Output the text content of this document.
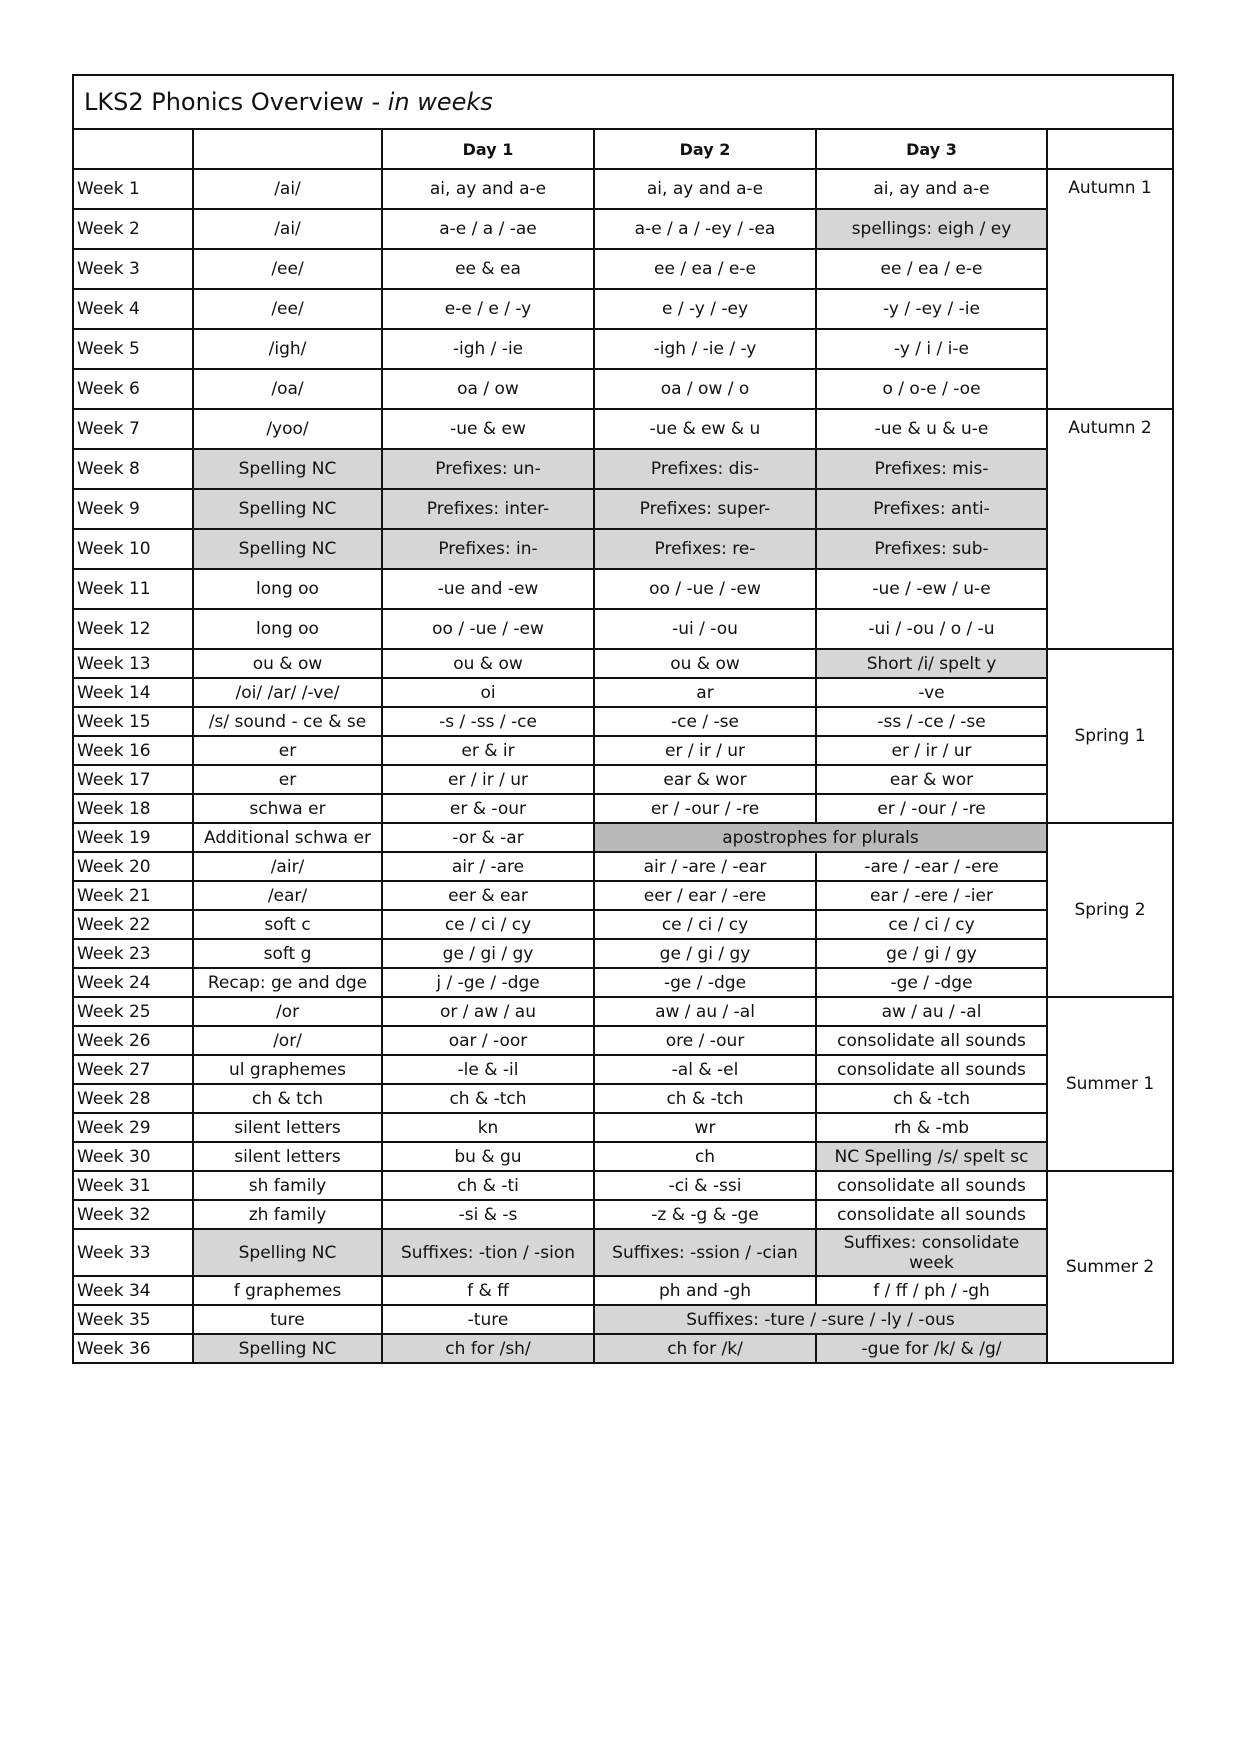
LKS2 Phonics Overview - in weeks					
		Day 1	Day 2	Day 3	
Week 1	/ai/	ai, ay and a-e	ai, ay and a-e	ai, ay and a-e	Autumn 1
Week 2	/ai/	a-e / a / -ae	a-e / a / -ey / -ea	spellings: eigh / ey	
Week 3	/ee/	ee & ea	ee / ea / e-e	ee / ea / e-e	
Week 4	/ee/	e-e / e / -y	e / -y / -ey	-y / -ey / -ie	
Week 5	/igh/	-igh / -ie	-igh / -ie / -y	-y / i / i-e	
Week 6	/oa/	oa / ow	oa / ow / o	o / o-e / -oe	
Week 7	/yoo/	-ue & ew	-ue & ew & u	-ue & u & u-e	Autumn 2
Week 8	Spelling NC	Prefixes: un-	Prefixes: dis-	Prefixes: mis-	
Week 9	Spelling NC	Prefixes: inter-	Prefixes: super-	Prefixes: anti-	
Week 10	Spelling NC	Prefixes: in-	Prefixes: re-	Prefixes: sub-	
Week 11	long oo	-ue and -ew	oo / -ue / -ew	-ue / -ew / u-e	
Week 12	long oo	oo / -ue / -ew	-ui / -ou	-ui / -ou / o / -u	
Week 13	ou & ow	ou & ow	ou & ow	Short /i/ spelt y	Spring 1
Week 14	/oi/ /ar/ /-ve/	oi	ar	-ve	
Week 15	/s/ sound - ce & se	-s / -ss / -ce	-ce / -se	-ss / -ce / -se	
Week 16	er	er & ir	er / ir / ur	er / ir / ur	
Week 17	er	er / ir / ur	ear & wor	ear & wor	
Week 18	schwa er	er & -our	er / -our / -re	er / -our / -re	
Week 19	Additional schwa er	-or & -ar	apostrophes for plurals		Spring 2
Week 20	/air/	air / -are	air / -are / -ear	-are / -ear / -ere	
Week 21	/ear/	eer & ear	eer / ear / -ere	ear / -ere / -ier	
Week 22	soft c	ce / ci / cy	ce / ci / cy	ce / ci / cy	
Week 23	soft g	ge / gi / gy	ge / gi / gy	ge / gi / gy	
Week 24	Recap: ge and dge	j / -ge / -dge	-ge / -dge	-ge / -dge	
Week 25	/or	or / aw / au	aw / au / -al	aw / au / -al	Summer 1
Week 26	/or/	oar / -oor	ore / -our	consolidate all sounds	
Week 27	ul graphemes	-le & -il	-al & -el	consolidate all sounds	
Week 28	ch & tch	ch & -tch	ch & -tch	ch & -tch	
Week 29	silent letters	kn	wr	rh & -mb	
Week 30	silent letters	bu & gu	ch	NC Spelling /s/ spelt sc	
Week 31	sh family	ch & -ti	-ci & -ssi	consolidate all sounds	Summer 2
Week 32	zh family	-si & -s	-z & -g & -ge	consolidate all sounds	
Week 33	Spelling NC	Suffixes: -tion / -sion	Suffixes: -ssion / -cian	Suffixes: consolidate week	
Week 34	f graphemes	f & ff	ph and -gh	f / ff / ph / -gh	
Week 35	ture	-ture	Suffixes: -ture / -sure / -ly / -ous		
Week 36	Spelling NC	ch for /sh/	ch for /k/	-gue for /k/ & /g/	
